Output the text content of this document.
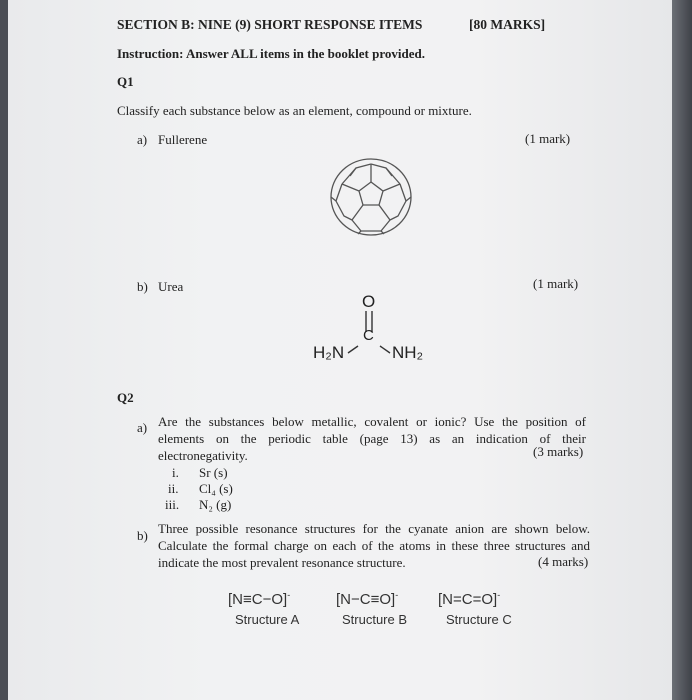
SECTION B: NINE (9) SHORT RESPONSE ITEMS	[80 MARKS]
Instruction: Answer ALL items in the booklet provided.
Q1
Classify each substance below as an element, compound or mixture.
a) Fullerene	(1 mark)
b) Urea	(1 mark)
O
C
H₂N	NH₂
Q2
a) Are the substances below metallic, covalent or ionic? Use the position of
elements on the periodic table (page 13) as an indication of their
electronegativity.	(3 marks)
i. Sr (s)
ii. Cl₄ (s)
iii. N₂ (g)
b) Three possible resonance structures for the cyanate anion are shown below.
Calculate the formal charge on each of the atoms in these three structures and
indicate the most prevalent resonance structure.	(4 marks)
[N≡C−O]-	[N−C≡O]-	[N=C=O]-
Structure A	Structure B	Structure C
